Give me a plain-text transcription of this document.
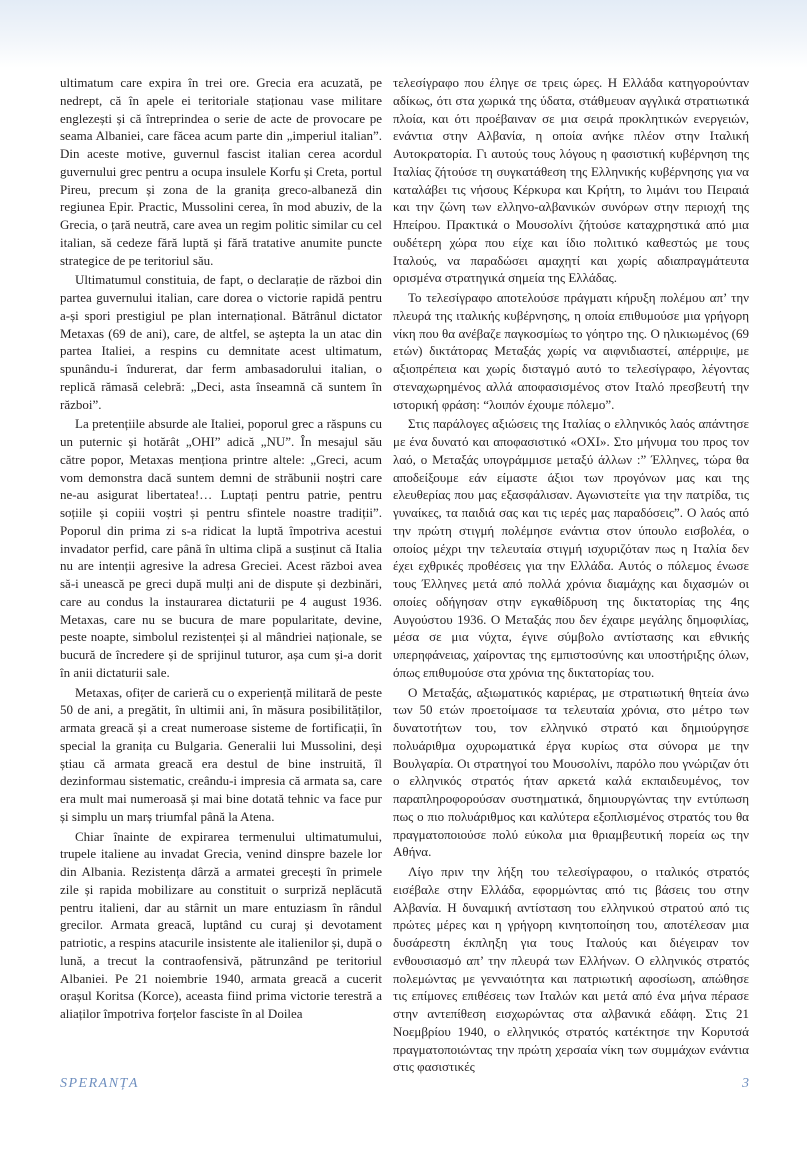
ultimatum care expira în trei ore. Grecia era acuzată, pe nedrept, că în apele ei teritoriale staționau vase militare englezești și că întreprindea o serie de acte de provocare pe seama Albaniei, care făcea acum parte din „imperiul italian”. Din aceste motive, guvernul fascist italian cerea acordul guvernului grec pentru a ocupa insulele Korfu și Creta, portul Pireu, precum și zona de la granița greco-albaneză din regiunea Epir. Practic, Mussolini cerea, în mod abuziv, de la Grecia, o țară neutră, care avea un regim politic similar cu cel italian, să cedeze fără luptă și fără tratative anumite puncte strategice de pe teritoriul său.

Ultimatumul constituia, de fapt, o declarație de război din partea guvernului italian, care dorea o victorie rapidă pentru a-și spori prestigiul pe plan internațional. Bătrânul dictator Metaxas (69 de ani), care, de altfel, se aștepta la un atac din partea Italiei, a respins cu demnitate acest ultimatum, spunându-i îndurerat, dar ferm ambasadorului italian, o replică rămasă celebră: „Deci, asta înseamnă că suntem în război”.

La pretențiile absurde ale Italiei, poporul grec a răspuns cu un puternic și hotărât „OHI” adică „NU”. În mesajul său către popor, Metaxas menționa printre altele: „Greci, acum vom demonstra dacă suntem demni de străbunii noștri care ne-au asigurat libertatea!… Luptați pentru patrie, pentru soțiile și copiii voștri și pentru sfintele noastre tradiții”. Poporul din prima zi s-a ridicat la luptă împotriva acestui invadator perfid, care până în ultima clipă a susținut că Italia nu are intenții agresive la adresa Greciei. Acest război avea să-i unească pe greci după mulți ani de dispute și dezbinări, care au condus la instaurarea dictaturii pe 4 august 1936. Metaxas, care nu se bucura de mare popularitate, devine, peste noapte, simbolul rezistenței și al mândriei naționale, se bucură de încredere și de sprijinul tuturor, așa cum și-a dorit în anii dictaturii sale.

Metaxas, ofițer de carieră cu o experiență militară de peste 50 de ani, a pregătit, în ultimii ani, în măsura posibilităților, armata greacă și a creat numeroase sisteme de fortificații, în special la granița cu Bulgaria. Generalii lui Mussolini, deși știau că armata greacă era destul de bine instruită, îl dezinformau sistematic, creându-i impresia că armata sa, care era mult mai numeroasă și mai bine dotată tehnic va face pur și simplu un marș triumfal până la Atena.

Chiar înainte de expirarea termenului ultimatumului, trupele italiene au invadat Grecia, venind dinspre bazele lor din Albania. Rezistența dârză a armatei grecești în primele zile și rapida mobilizare au constituit o surpriză neplăcută pentru italieni, dar au stârnit un mare entuziasm în rândul grecilor. Armata greacă, luptând cu curaj și devotament patriotic, a respins atacurile insistente ale italienilor și, după o lună, a trecut la contraofensivă, pătrunzând pe teritoriul Albaniei. Pe 21 noiembrie 1940, armata greacă a cucerit orașul Koritsa (Korce), aceasta fiind prima victorie terestră a aliaților împotriva forțelor fasciste în al Doilea

τελεσίγραφο που έληγε σε τρεις ώρες. Η Ελλάδα κατηγορούνταν αδίκως, ότι στα χωρικά της ύδατα, στάθμευαν αγγλικά στρατιωτικά πλοία, και ότι προέβαιναν σε μια σειρά προκλητικών ενεργειών, ενάντια στην Αλβανία, η οποία ανήκε πλέον στην Ιταλική Αυτοκρατορία. Γι αυτούς τους λόγους η φασιστική κυβέρνηση της Ιταλίας ζήτούσε τη συγκατάθεση της Ελληνικής κυβέρνησης για να καταλάβει τις νήσους Κέρκυρα και Κρήτη, το λιμάνι του Πειραιά και την ζώνη των ελληνο-αλβανικών συνόρων στην περιοχή της Ηπείρου. Πρακτικά ο Μουσολίνι ζήτούσε καταχρηστικά από μια ουδέτερη χώρα που είχε και ίδιο πολιτικό καθεστώς με τους Ιταλούς, να παραδώσει αμαχητί και χωρίς αδιαπραγμάτευτα ορισμένα στρατηγικά σημεία της Ελλάδας.

Το τελεσίγραφο αποτελούσε πράγματι κήρυξη πολέμου απ’ την πλευρά της ιταλικής κυβέρνησης, η οποία επιθυμούσε μια γρήγορη νίκη που θα ανέβαζε παγκοσμίως το γόητρο της. Ο ηλικιωμένος (69 ετών) δικτάτορας Μεταξάς χωρίς να αιφνιδιαστεί, απέρριψε, με αξιοπρέπεια και χωρίς δισταγμό αυτό το τελεσίγραφο, λέγοντας στεναχωρημένος αλλά αποφασισμένος στον Ιταλό πρεσβευτή την ιστορική φράση: “λοιπόν έχουμε πόλεμο”.

Στις παράλογες αξιώσεις της Ιταλίας ο ελληνικός λαός απάντησε με ένα δυνατό και αποφασιστικό «ΟΧΙ». Στο μήνυμα του προς τον λαό, ο Μεταξάς υπογράμμισε μεταξύ άλλων :” Έλληνες, τώρα θα αποδείξουμε εάν είμαστε άξιοι των προγόνων μας και της ελευθερίας που μας εξασφάλισαν. Αγωνιστείτε για την πατρίδα, τις γυναίκες, τα παιδιά σας και τις ιερές μας παραδόσεις”. Ο λαός από την πρώτη στιγμή πολέμησε ενάντια στον ύπουλο εισβολέα, ο οποίος μέχρι την τελευταία στιγμή ισχυριζόταν πως η Ιταλία δεν έχει εχθρικές προθέσεις για την Ελλάδα. Αυτός ο πόλεμος ένωσε τους Έλληνες μετά από πολλά χρόνια διαμάχης και διχασμών οι οποίες οδήγησαν στην εγκαθίδρυση της δικτατορίας της 4ης Αυγούστου 1936. Ο Μεταξάς που δεν έχαιρε μεγάλης δημοφιλίας, μέσα σε μια νύχτα, έγινε σύμβολο αντίστασης και εθνικής υπερηφάνειας, χαίροντας της εμπιστοσύνης και υποστήριξης όλων, όπως επιθυμούσε στα χρόνια της δικτατορίας του.

Ο Μεταξάς, αξιωματικός καριέρας, με στρατιωτική θητεία άνω των 50 ετών προετοίμασε τα τελευταία χρόνια, στο μέτρο των δυνατοτήτων του, τον ελληνικό στρατό και δημιούργησε πολυάριθμα οχυρωματικά έργα κυρίως στα σύνορα με την Βουλγαρία. Οι στρατηγοί του Μουσολίνι, παρόλο που γνώριζαν ότι ο ελληνικός στρατός ήταν αρκετά καλά εκπαιδευμένος, τον παραπληροφορούσαν συστηματικά, δημιουργώντας την εντύπωση πως ο πιο πολυάριθμος και καλύτερα εξοπλισμένος στρατός του θα πραγματοποιούσε πολύ εύκολα μια θριαμβευτική πορεία ως την Αθήνα.

Λίγο πριν την λήξη του τελεσίγραφου, ο ιταλικός στρατός εισέβαλε στην Ελλάδα, εφορμώντας από τις βάσεις του στην Αλβανία. Η δυναμική αντίσταση του ελληνικού στρατού από τις πρώτες μέρες και η γρήγορη κινητοποίηση του, αποτέλεσαν μια δυσάρεστη έκπληξη για τους Ιταλούς και διέγειραν τον ενθουσιασμό απ’ την πλευρά των Ελλήνων. Ο ελληνικός στρατός πολεμώντας με γενναιότητα και πατριωτική αφοσίωση, απώθησε τις επίμονες επιθέσεις των Ιταλών και μετά από ένα μήνα πέρασε στην αντεπίθεση εισχωρώντας στα αλβανικά εδάφη. Στις 21 Νοεμβρίου 1940, ο ελληνικός στρατός κατέκτησε την Κορυτσά πραγματοποιώντας την πρώτη χερσαία νίκη των συμμάχων ενάντια στις φασιστικές

SPERANȚA	3
